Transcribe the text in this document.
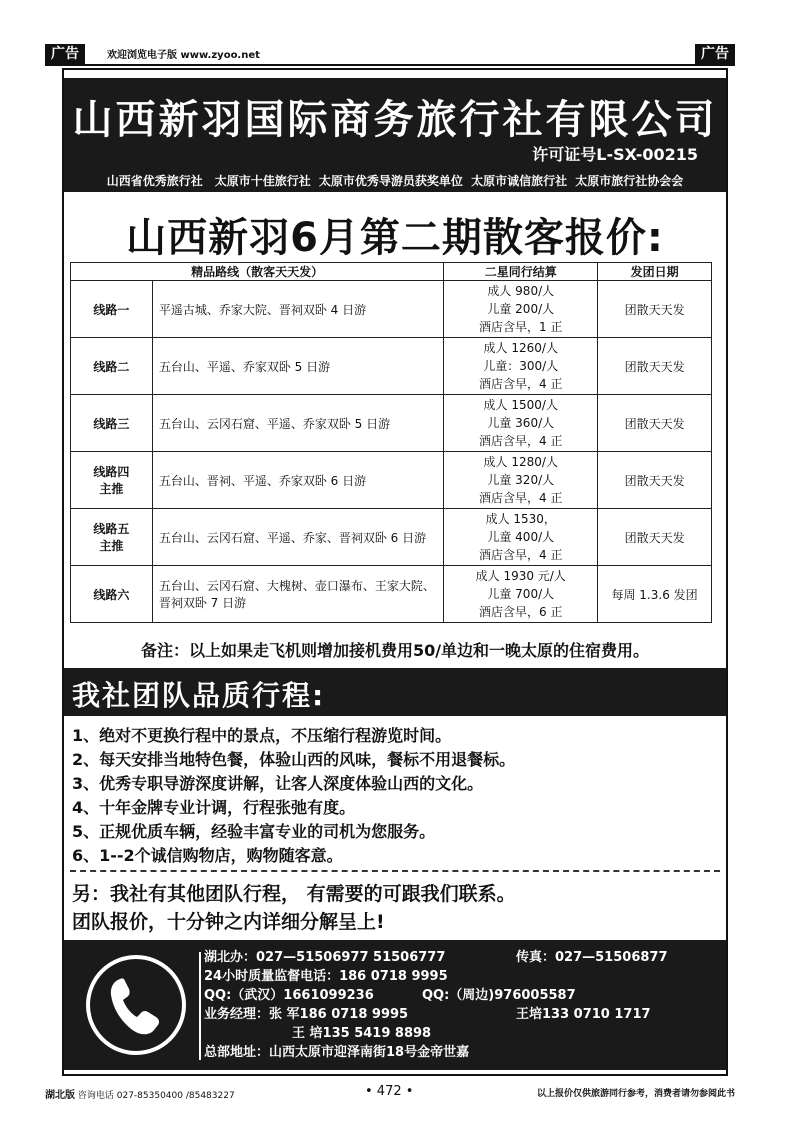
广告	欢迎浏览电子版 www.zyoo.net	广告
山西新羽国际商务旅行社有限公司
许可证号L-SX-00215
山西省优秀旅行社　太原市十佳旅行社 太原市优秀导游员获奖单位 太原市诚信旅行社 太原市旅行社协会会
山西新羽6月第二期散客报价:
精品路线（散客天天发）		二星同行结算	发团日期

线路一	平遥古城、乔家大院、晋祠双卧 4 日游	成人 980/人
儿童 200/人
酒店含早，1 正	团散天天发

线路二	五台山、平遥、乔家双卧 5 日游	成人 1260/人
儿童：300/人
酒店含早，4 正	团散天天发

线路三	五台山、云冈石窟、平遥、乔家双卧 5 日游	成人 1500/人
儿童 360/人
酒店含早，4 正	团散天天发

线路四
主推	五台山、晋祠、平遥、乔家双卧 6 日游	成人 1280/人
儿童 320/人
酒店含早，4 正	团散天天发

线路五
主推	五台山、云冈石窟、平遥、乔家、晋祠双卧 6 日游	成人 1530，
儿童 400/人
酒店含早，4 正	团散天天发

线路六	五台山、云冈石窟、大槐树、壶口瀑布、王家大院、晋祠双卧 7 日游	成人 1930 元/人
儿童 700/人
酒店含早，6 正	每周 1.3.6 发团
备注：以上如果走飞机则增加接机费用50/单边和一晚太原的住宿费用。
我社团队品质行程:
1、绝对不更换行程中的景点，不压缩行程游览时间。
2、每天安排当地特色餐，体验山西的风味，餐标不用退餐标。
3、优秀专职导游深度讲解，让客人深度体验山西的文化。
4、十年金牌专业计调，行程张弛有度。
5、正规优质车辆，经验丰富专业的司机为您服务。
6、1--2个诚信购物店，购物随客意。
另：我社有其他团队行程， 有需要的可跟我们联系。
团队报价，十分钟之内详细分解呈上!
湖北办：027—51506977 51506777	传真：027—51506877
24小时质量监督电话：186 0718 9995
QQ:（武汉）1661099236	QQ:（周边)976005587
业务经理：张 军186 0718 9995	王培133 0710 1717
王 培135 5419 8898
总部地址：山西太原市迎泽南街18号金帝世嘉
湖北版 咨询电话 027-85350400 /85483227	• 472 •	以上报价仅供旅游同行参考，消费者请勿参阅此书
